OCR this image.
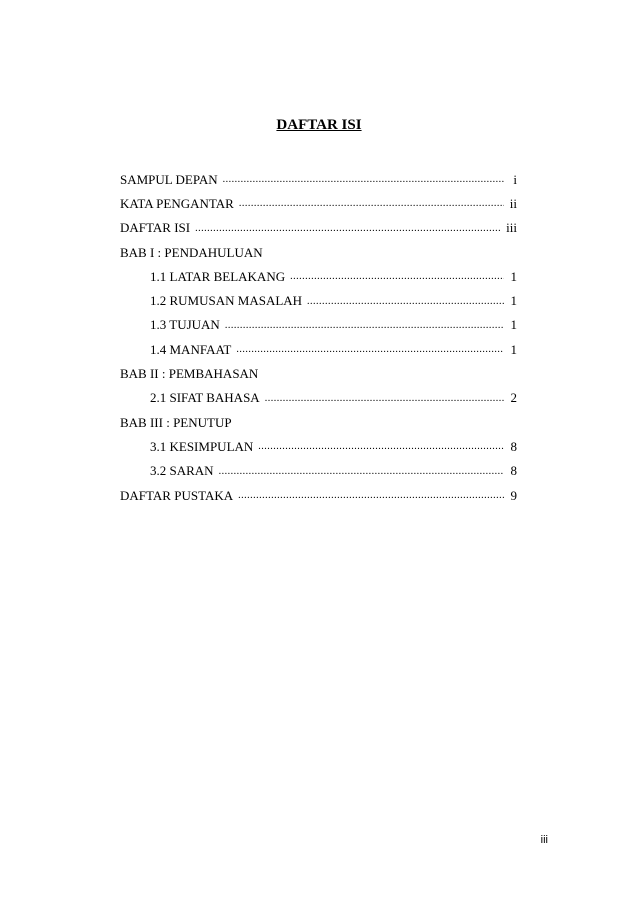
DAFTAR ISI
SAMPUL DEPAN .....	i
KATA PENGANTAR .....	ii
DAFTAR ISI .....	iii
BAB I : PENDAHULUAN
1.1 LATAR BELAKANG .....	1
1.2 RUMUSAN MASALAH .....	1
1.3 TUJUAN .....	1
1.4 MANFAAT .....	1
BAB II : PEMBAHASAN
2.1 SIFAT BAHASA .....	2
BAB III : PENUTUP
3.1 KESIMPULAN .....	8
3.2 SARAN .....	8
DAFTAR PUSTAKA .....	9
iii
